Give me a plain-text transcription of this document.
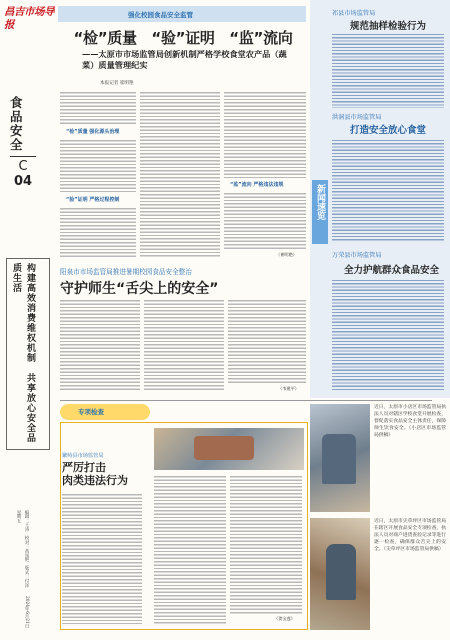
昌吉市场导报
食品安全
C
04
构建高效消费维权机制　共享放心安全品质生活
编辑：王涛　校对：高凤艳　版式：付泽　　2024年6月21日　星期五
强化校园食品安全监管
“检”质量　“验”证明　“监”流向
——太原市市场监管局创新机制严格学校食堂农产品（蔬菜）质量管理纪实
本报记者 崔明艳
“检”质量 强化源头治理
“验”证明 严格过程控制
“监”流向 严格违法违规
（崔明艳）
阳泉市市场监管局推进暑期校园食品安全整治
守护师生“舌尖上的安全”
（韦建平）
专项检查
繁峙县市场监管局
严厉打击
肉类违法行为
（贺宝莲）
新闻速览
祁县市场监管局
规范抽样检验行为
洪洞县市场监管局
打造安全放心食堂
万荣县市场监管局
全力护航群众食品安全
近日，太原市小店区市场监管局执法人员对辖区学校食堂开展检查，督促落实食品安全主体责任，保障师生饮食安全。（小店区市场监管局供稿）
近日，太原市尖草坪区市场监管局在辖区开展食品安全专项检查，执法人员对商户进货查验记录等进行逐一检查，确保群众舌尖上的安全。（尖草坪区市场监管局供稿）
